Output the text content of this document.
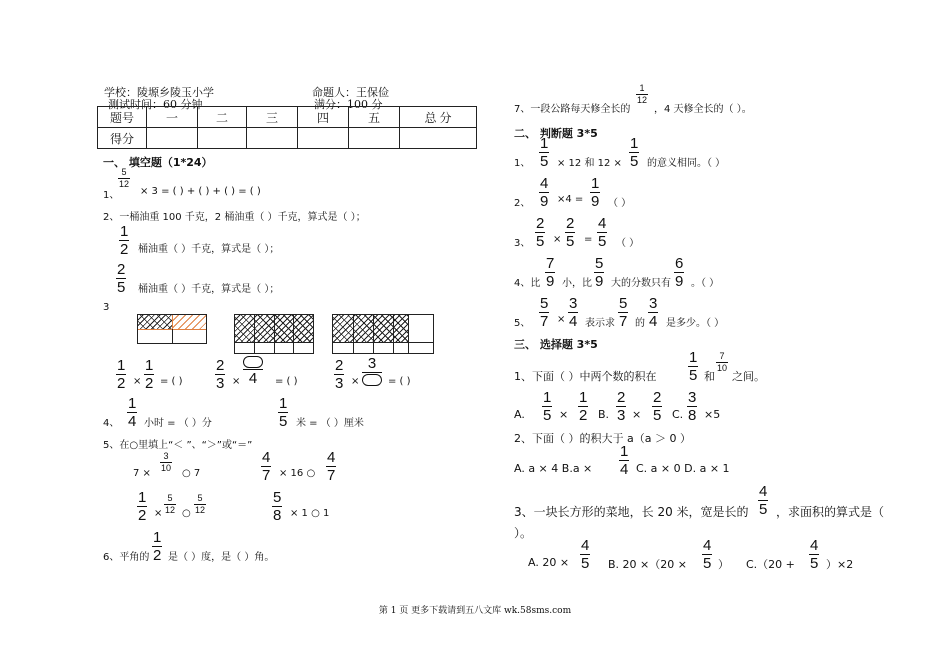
学校：陵塬乡陵玉小学	命题人：王保俭
测试时间：60 分钟	满分：100 分
题号	一	二	三	四	五	总 分
得分						
一、 填空题（1*24）
1、
5
12
× 3 = ( ) + ( ) + ( ) = ( )
2、一桶油重 100 千克，2 桶油重（ ）千克，算式是（ ）；
1
2 桶油重（ ）千克，算式是（ ）；
2
5 桶油重（ ）千克，算式是（ ）；
3
1
2 ×
1
2 = ( )
2
3 × 4 = ( )
2
3 ×
3
= ( )
4、
1
4 小时 = （ ）分
1
5 米 = （ ）厘米
5、在○里填上“＜ ”、“＞”或“＝”
7 ×
3
10 ○ 7
4
7 × 16 ○
4
7
1
2 ×
5
12 ○
5
12
5
8 × 1 ○ 1
6、平角的
1
2 是（ ）度，是（ ）角。
7、一段公路每天修全长的
1
12
，4 天修全长的（ ）。
二、 判断题 3*5
1、
1
5 × 12 和 12 ×
1
5 的意义相同。（ ）
2、
4
9 ×4 =
1
9 （ ）
3、
2
5 ×
2
5 =
4
5 （ ）
4、比
7
9 小，比
5
9 大的分数只有
6
9 。（ ）
5、
5
7 ×
3
4 表示求
5
7 的
3
4 是多少。（ ）
三、 选择题 3*5
1、下面（ ）中两个数的积在
1
5 和
7
10
之间。
A.
1
5 ×
1
2 B.
2
3 ×
2
5 C.
3
8 ×5
2、下面（ ）的积大于 a（a ＞ 0 ）
A. a × 4 B.a ×
1
4 C. a × 0 D. a × 1
3、一块长方形的菜地，长 20 米，宽是长的
4
5 ，求面积的算式是（
）。
A. 20 ×
4
5 B. 20 ×（20 ×
4
5 ） C.（20 +
4
5 ）×2
第 1 页 更多下载请到五八文库 wk.58sms.com
